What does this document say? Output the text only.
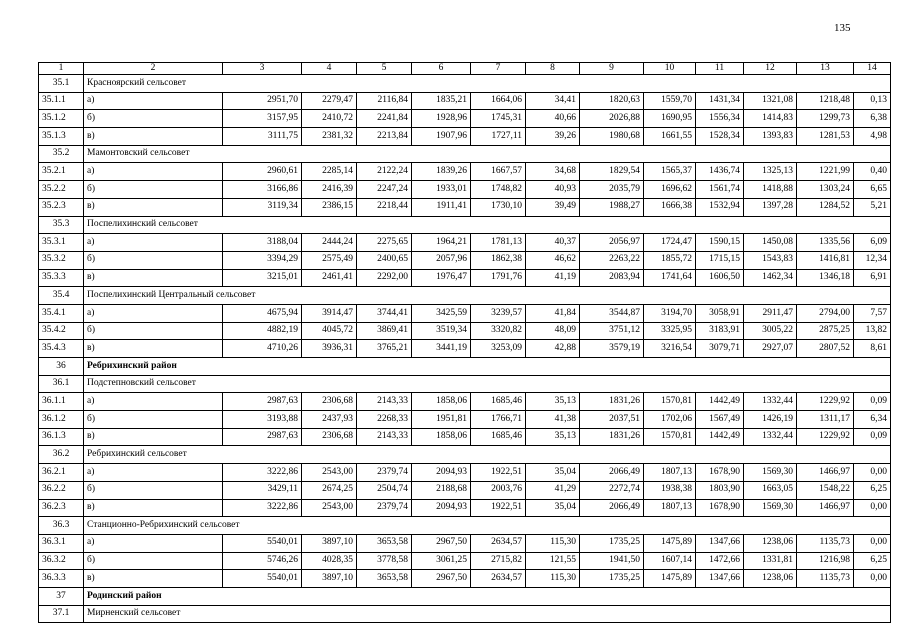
135
1	2	3	4	5	6	7	8	9	10	11	12	13	14
35.1	Красноярский сельсовет												
35.1.1	а)	2951,70	2279,47	2116,84	1835,21	1664,06	34,41	1820,63	1559,70	1431,34	1321,08	1218,48	0,13
35.1.2	б)	3157,95	2410,72	2241,84	1928,96	1745,31	40,66	2026,88	1690,95	1556,34	1414,83	1299,73	6,38
35.1.3	в)	3111,75	2381,32	2213,84	1907,96	1727,11	39,26	1980,68	1661,55	1528,34	1393,83	1281,53	4,98
35.2	Мамонтовский сельсовет												
35.2.1	а)	2960,61	2285,14	2122,24	1839,26	1667,57	34,68	1829,54	1565,37	1436,74	1325,13	1221,99	0,40
35.2.2	б)	3166,86	2416,39	2247,24	1933,01	1748,82	40,93	2035,79	1696,62	1561,74	1418,88	1303,24	6,65
35.2.3	в)	3119,34	2386,15	2218,44	1911,41	1730,10	39,49	1988,27	1666,38	1532,94	1397,28	1284,52	5,21
35.3	Поспелихинский сельсовет												
35.3.1	а)	3188,04	2444,24	2275,65	1964,21	1781,13	40,37	2056,97	1724,47	1590,15	1450,08	1335,56	6,09
35.3.2	б)	3394,29	2575,49	2400,65	2057,96	1862,38	46,62	2263,22	1855,72	1715,15	1543,83	1416,81	12,34
35.3.3	в)	3215,01	2461,41	2292,00	1976,47	1791,76	41,19	2083,94	1741,64	1606,50	1462,34	1346,18	6,91
35.4	Поспелихинский Центральный сельсовет												
35.4.1	а)	4675,94	3914,47	3744,41	3425,59	3239,57	41,84	3544,87	3194,70	3058,91	2911,47	2794,00	7,57
35.4.2	б)	4882,19	4045,72	3869,41	3519,34	3320,82	48,09	3751,12	3325,95	3183,91	3005,22	2875,25	13,82
35.4.3	в)	4710,26	3936,31	3765,21	3441,19	3253,09	42,88	3579,19	3216,54	3079,71	2927,07	2807,52	8,61
36	Ребрихинский район												
36.1	Подстепновский сельсовет												
36.1.1	а)	2987,63	2306,68	2143,33	1858,06	1685,46	35,13	1831,26	1570,81	1442,49	1332,44	1229,92	0,09
36.1.2	б)	3193,88	2437,93	2268,33	1951,81	1766,71	41,38	2037,51	1702,06	1567,49	1426,19	1311,17	6,34
36.1.3	в)	2987,63	2306,68	2143,33	1858,06	1685,46	35,13	1831,26	1570,81	1442,49	1332,44	1229,92	0,09
36.2	Ребрихинский сельсовет												
36.2.1	а)	3222,86	2543,00	2379,74	2094,93	1922,51	35,04	2066,49	1807,13	1678,90	1569,30	1466,97	0,00
36.2.2	б)	3429,11	2674,25	2504,74	2188,68	2003,76	41,29	2272,74	1938,38	1803,90	1663,05	1548,22	6,25
36.2.3	в)	3222,86	2543,00	2379,74	2094,93	1922,51	35,04	2066,49	1807,13	1678,90	1569,30	1466,97	0,00
36.3	Станционно-Ребрихинский сельсовет												
36.3.1	а)	5540,01	3897,10	3653,58	2967,50	2634,57	115,30	1735,25	1475,89	1347,66	1238,06	1135,73	0,00
36.3.2	б)	5746,26	4028,35	3778,58	3061,25	2715,82	121,55	1941,50	1607,14	1472,66	1331,81	1216,98	6,25
36.3.3	в)	5540,01	3897,10	3653,58	2967,50	2634,57	115,30	1735,25	1475,89	1347,66	1238,06	1135,73	0,00
37	Родинский район												
37.1	Мирненский сельсовет												
